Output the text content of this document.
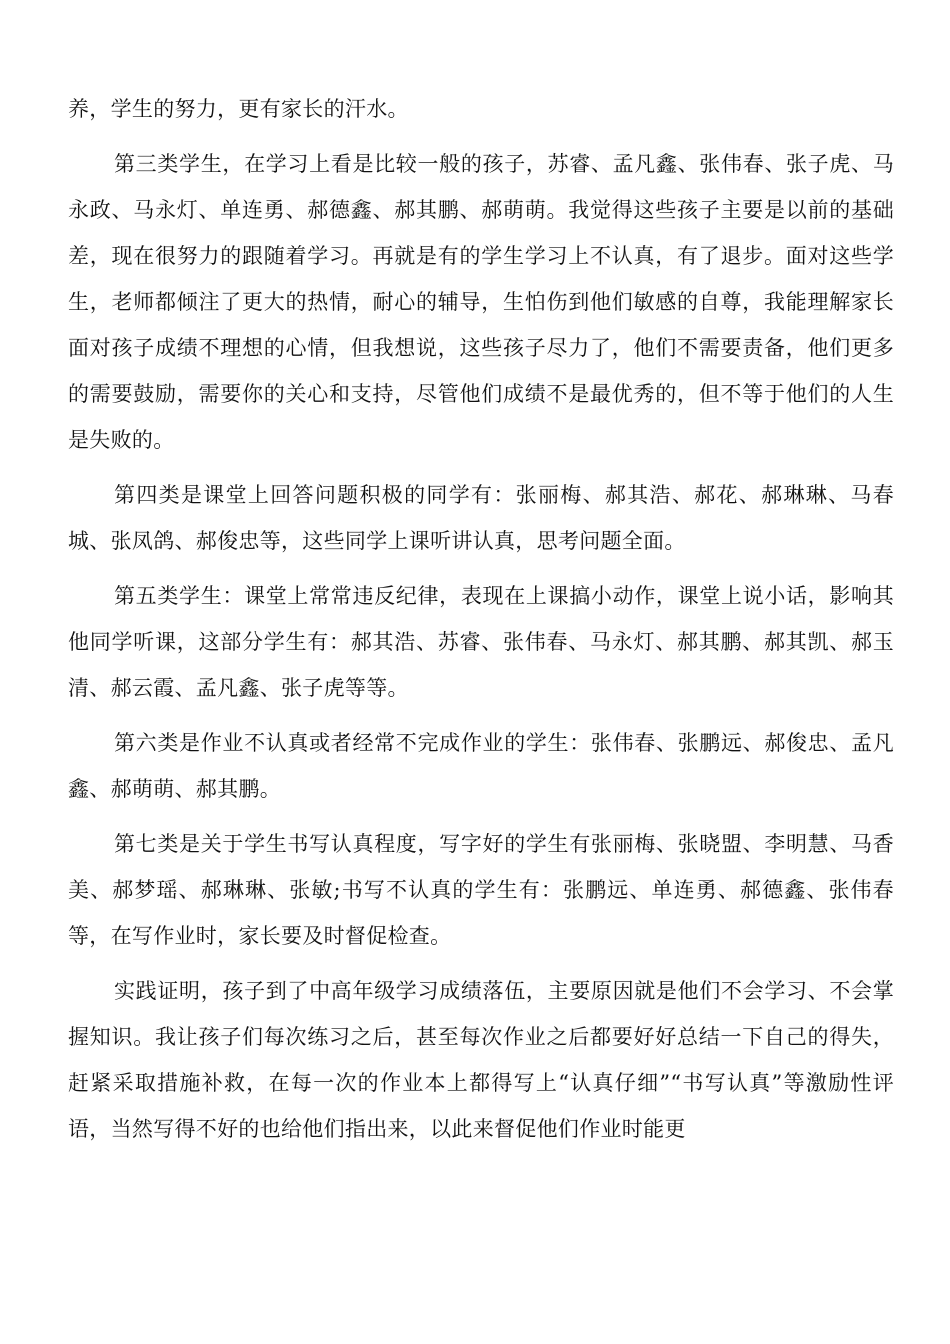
养，学生的努力，更有家长的汗水。

第三类学生，在学习上看是比较一般的孩子，苏睿、孟凡鑫、张伟春、张子虎、马永政、马永灯、单连勇、郝德鑫、郝其鹏、郝萌萌。我觉得这些孩子主要是以前的基础差，现在很努力的跟随着学习。再就是有的学生学习上不认真，有了退步。面对这些学生，老师都倾注了更大的热情，耐心的辅导，生怕伤到他们敏感的自尊，我能理解家长面对孩子成绩不理想的心情，但我想说，这些孩子尽力了，他们不需要责备，他们更多的需要鼓励，需要你的关心和支持，尽管他们成绩不是最优秀的，但不等于他们的人生是失败的。

第四类是课堂上回答问题积极的同学有：张丽梅、郝其浩、郝花、郝琳琳、马春城、张凤鸽、郝俊忠等，这些同学上课听讲认真，思考问题全面。

第五类学生：课堂上常常违反纪律，表现在上课搞小动作，课堂上说小话，影响其他同学听课，这部分学生有：郝其浩、苏睿、张伟春、马永灯、郝其鹏、郝其凯、郝玉清、郝云霞、孟凡鑫、张子虎等等。

第六类是作业不认真或者经常不完成作业的学生：张伟春、张鹏远、郝俊忠、孟凡鑫、郝萌萌、郝其鹏。

第七类是关于学生书写认真程度，写字好的学生有张丽梅、张晓盟、李明慧、马香美、郝梦瑶、郝琳琳、张敏;书写不认真的学生有：张鹏远、单连勇、郝德鑫、张伟春等，在写作业时，家长要及时督促检查。

实践证明，孩子到了中高年级学习成绩落伍，主要原因就是他们不会学习、不会掌握知识。我让孩子们每次练习之后，甚至每次作业之后都要好好总结一下自己的得失，赶紧采取措施补救，在每一次的作业本上都得写上“认真仔细”“书写认真”等激励性评语，当然写得不好的也给他们指出来，以此来督促他们作业时能更
